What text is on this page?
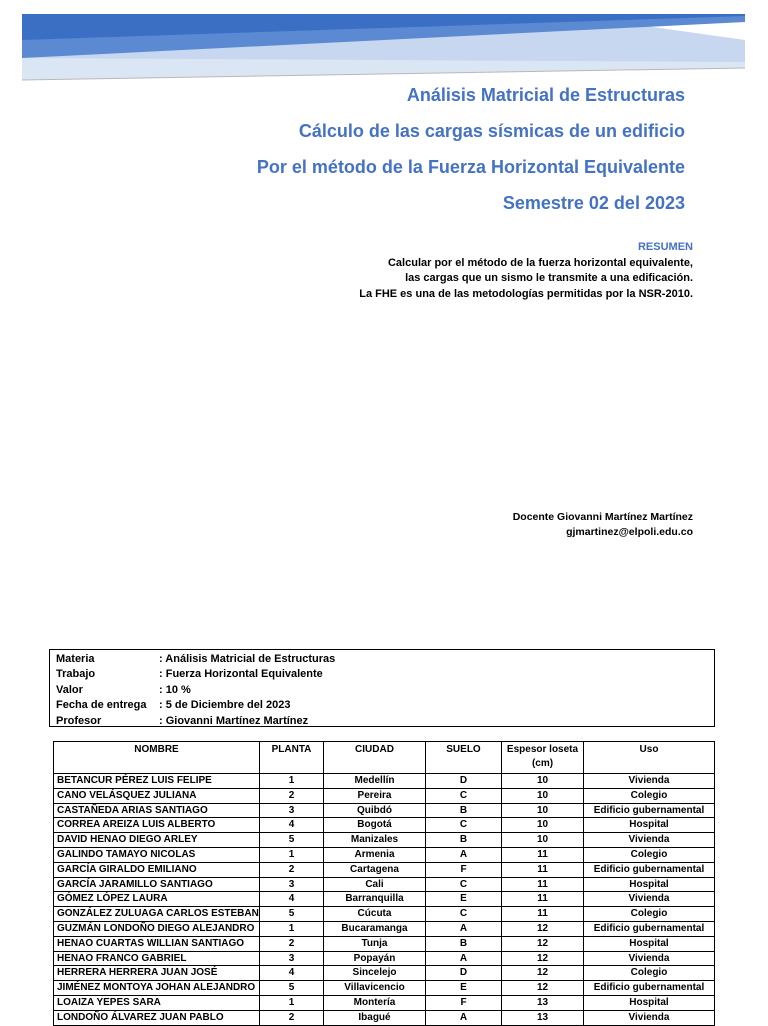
Análisis Matricial de Estructuras
Cálculo de las cargas sísmicas de un edificio
Por el método de la Fuerza Horizontal Equivalente
Semestre 02 del 2023
RESUMEN
Calcular por el método de la fuerza horizontal equivalente,
las cargas que un sismo le transmite a una edificación.
La FHE es una de las metodologías permitidas por la NSR-2010.
Docente Giovanni Martínez Martínez
gjmartinez@elpoli.edu.co
Materia	: Análisis Matricial de Estructuras
Trabajo	: Fuerza Horizontal Equivalente
Valor	: 10 %
Fecha de entrega	: 5 de Diciembre del 2023
Profesor	: Giovanni Martínez Martínez
NOMBRE	PLANTA	CIUDAD	SUELO	Espesor loseta (cm)	Uso
BETANCUR PÉREZ LUIS FELIPE	1	Medellín	D	10	Vivienda
CANO VELÁSQUEZ JULIANA	2	Pereira	C	10	Colegio
CASTAÑEDA ARIAS SANTIAGO	3	Quibdó	B	10	Edificio gubernamental
CORREA AREIZA LUIS ALBERTO	4	Bogotá	C	10	Hospital
DAVID HENAO DIEGO ARLEY	5	Manizales	B	10	Vivienda
GALINDO TAMAYO NICOLAS	1	Armenia	A	11	Colegio
GARCÍA GIRALDO EMILIANO	2	Cartagena	F	11	Edificio gubernamental
GARCÍA JARAMILLO SANTIAGO	3	Cali	C	11	Hospital
GÓMEZ LÓPEZ LAURA	4	Barranquilla	E	11	Vivienda
GONZÁLEZ ZULUAGA CARLOS ESTEBAN	5	Cúcuta	C	11	Colegio
GUZMÁN LONDOÑO DIEGO ALEJANDRO	1	Bucaramanga	A	12	Edificio gubernamental
HENAO CUARTAS WILLIAN SANTIAGO	2	Tunja	B	12	Hospital
HENAO FRANCO GABRIEL	3	Popayán	A	12	Vivienda
HERRERA HERRERA JUAN JOSÉ	4	Sincelejo	D	12	Colegio
JIMÉNEZ MONTOYA JOHAN ALEJANDRO	5	Villavicencio	E	12	Edificio gubernamental
LOAIZA YEPES SARA	1	Montería	F	13	Hospital
LONDOÑO ÁLVAREZ JUAN PABLO	2	Ibagué	A	13	Vivienda
